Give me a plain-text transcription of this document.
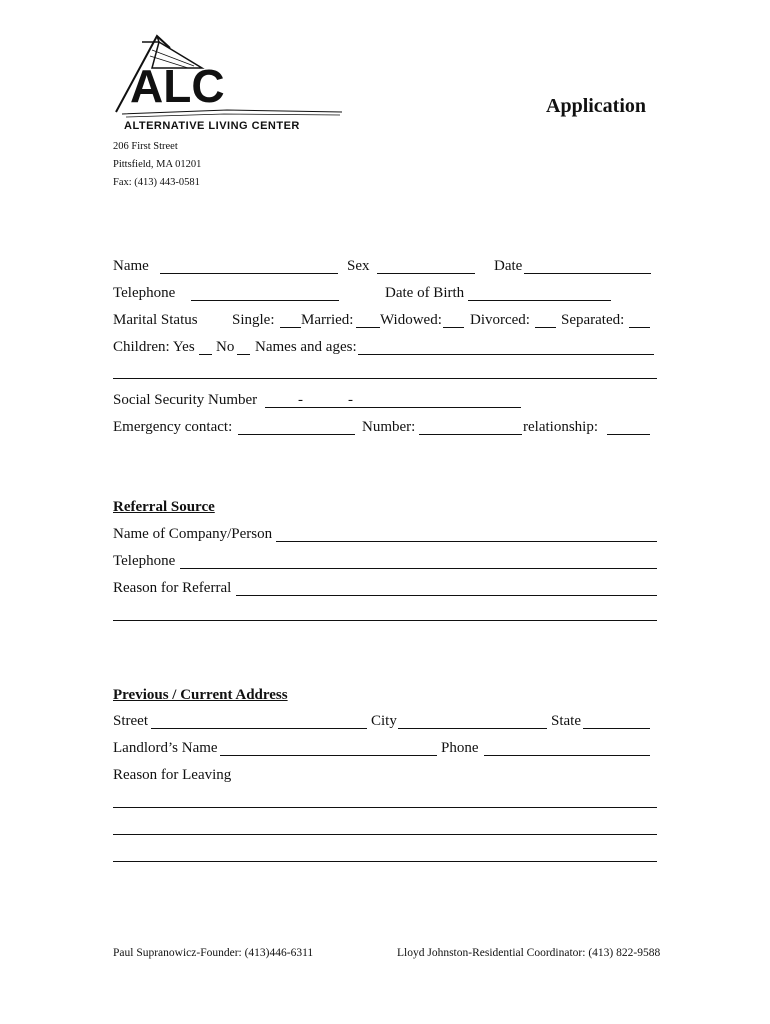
ALC
ALTERNATIVE LIVING CENTER
Application
206 First Street
Pittsfield, MA 01201
Fax: (413) 443-0581
Name	Sex	Date
Telephone	Date of Birth
Marital Status Single: Married: Widowed: Divorced: Separated:
Children: Yes No Names and ages:
Social Security Number	-	-
Emergency contact:	Number:	relationship:
Referral Source
Name of Company/Person
Telephone
Reason for Referral
Previous / Current Address
Street	City	State
Landlord’s Name	Phone
Reason for Leaving
Paul Supranowicz-Founder: (413)446-6311	Lloyd Johnston-Residential Coordinator: (413) 822-9588
